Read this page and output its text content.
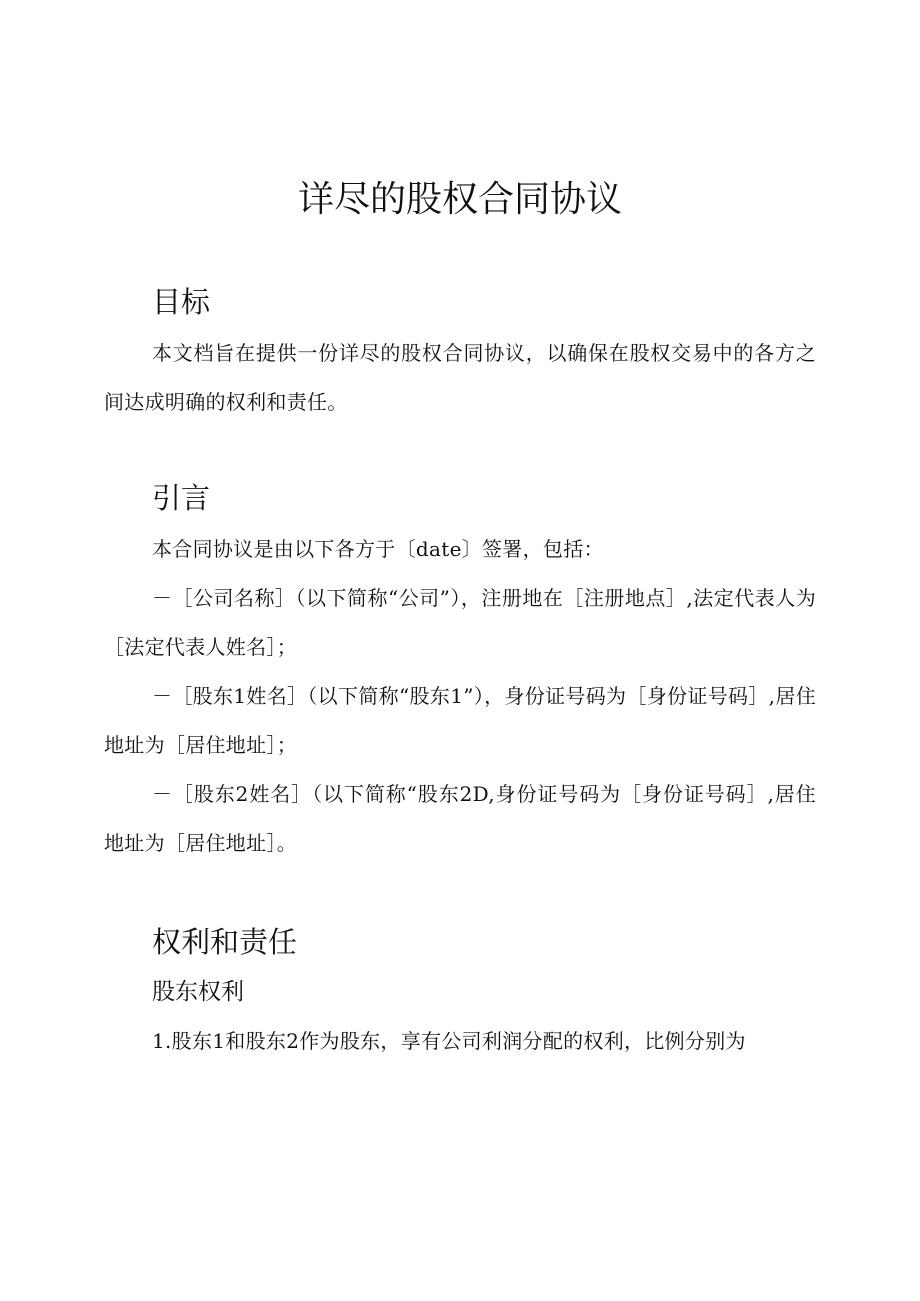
详尽的股权合同协议
目标

本文档旨在提供一份详尽的股权合同协议，以确保在股权交易中的各方之间达成明确的权利和责任。

引言

本合同协议是由以下各方于〔date〕签署，包括：

－［公司名称］（以下简称“公司”），注册地在［注册地点］,法定代表人为［法定代表人姓名］；

－［股东1姓名］（以下简称“股东1”），身份证号码为［身份证号码］,居住地址为［居住地址］；

－［股东2姓名］（以下简称“股东2D,身份证号码为［身份证号码］,居住地址为［居住地址］。

权利和责任
股东权利

1.股东1和股东2作为股东，享有公司利润分配的权利，比例分别为
